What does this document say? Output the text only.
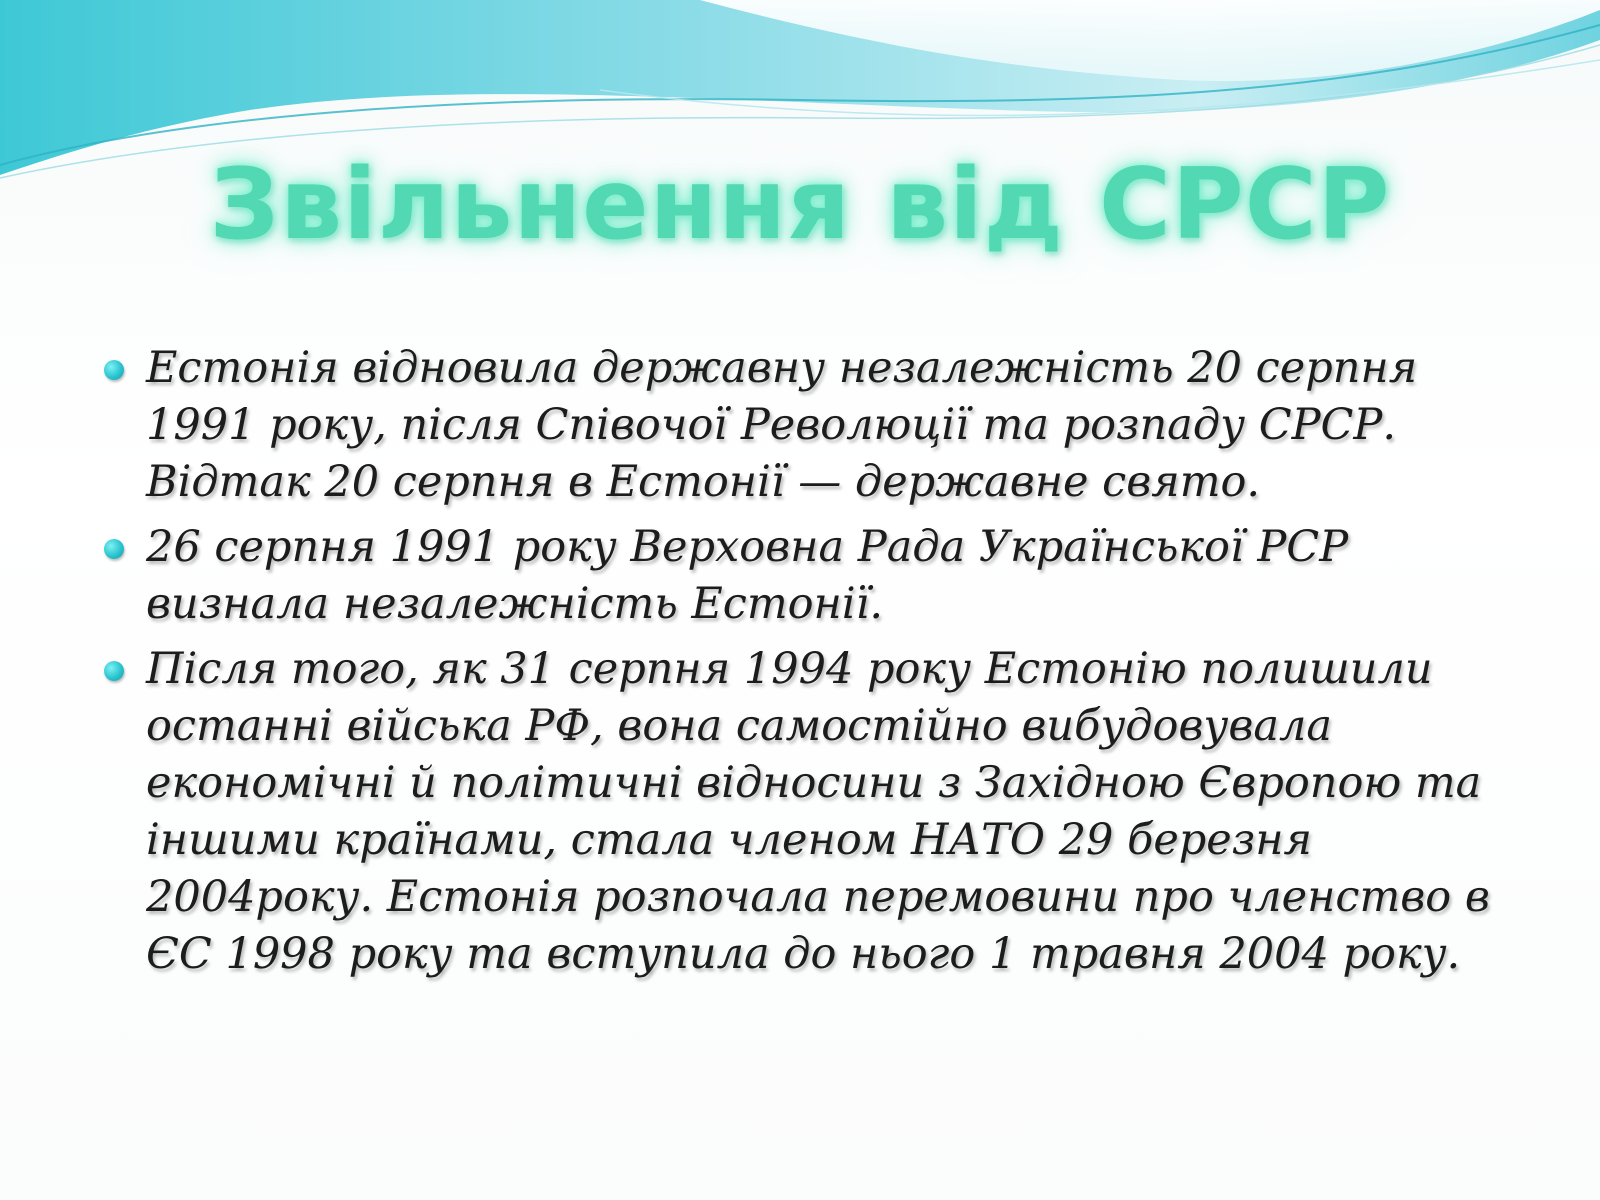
Звільнення від СРСР
Естонія відновила державну незалежність 20 серпня 1991 року, після Співочої Революції та розпаду СРСР. Відтак 20 серпня в Естонії — державне свято.
26 серпня 1991 року Верховна Рада Української РСР визнала незалежність Естонії.
Після того, як 31 серпня 1994 року Естонію полишили останні війська РФ, вона самостійно вибудовувала економічні й політичні відносини з Західною Європою та іншими країнами, стала членом НАТО 29 березня 2004року. Естонія розпочала перемовини про членство в ЄС 1998 року та вступила до нього 1 травня 2004 року.
